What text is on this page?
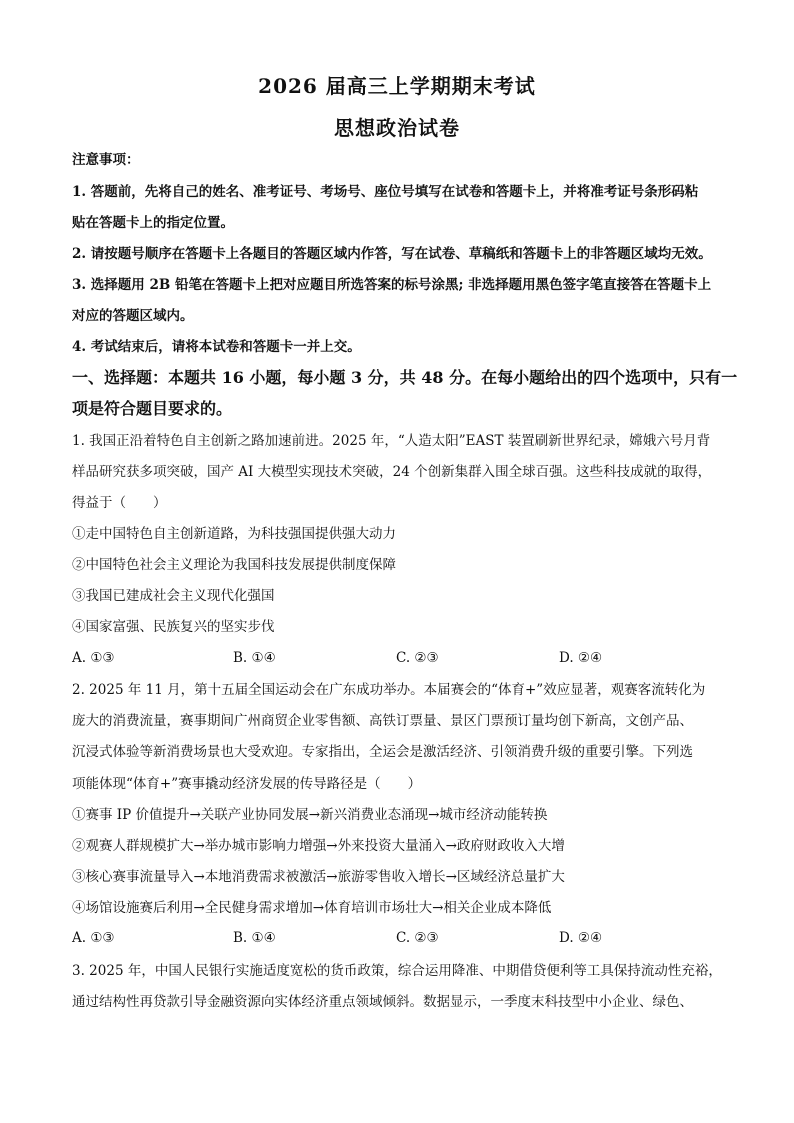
2026 届高三上学期期末考试
思想政治试卷
注意事项：
1. 答题前，先将自己的姓名、准考证号、考场号、座位号填写在试卷和答题卡上，并将准考证号条形码粘
贴在答题卡上的指定位置。
2. 请按题号顺序在答题卡上各题目的答题区域内作答，写在试卷、草稿纸和答题卡上的非答题区域均无效。
3. 选择题用 2B 铅笔在答题卡上把对应题目所选答案的标号涂黑; 非选择题用黑色签字笔直接答在答题卡上
对应的答题区域内。
4. 考试结束后，请将本试卷和答题卡一并上交。
一、选择题：本题共 16 小题，每小题 3 分，共 48 分。在每小题给出的四个选项中，只有一
项是符合题目要求的。
1. 我国正沿着特色自主创新之路加速前进。2025 年，“人造太阳”EAST 装置刷新世界纪录，嫦娥六号月背
样品研究获多项突破，国产 AI 大模型实现技术突破，24 个创新集群入围全球百强。这些科技成就的取得，
得益于（　　）
①走中国特色自主创新道路，为科技强国提供强大动力
②中国特色社会主义理论为我国科技发展提供制度保障
③我国已建成社会主义现代化强国
④国家富强、民族复兴的坚实步伐
A. ①③	B. ①④	C. ②③	D. ②④
2. 2025 年 11 月，第十五届全国运动会在广东成功举办。本届赛会的“体育+”效应显著，观赛客流转化为
庞大的消费流量，赛事期间广州商贸企业零售额、高铁订票量、景区门票预订量均创下新高，文创产品、
沉浸式体验等新消费场景也大受欢迎。专家指出，全运会是激活经济、引领消费升级的重要引擎。下列选
项能体现“体育+”赛事撬动经济发展的传导路径是（　　）
①赛事 IP 价值提升→关联产业协同发展→新兴消费业态涌现→城市经济动能转换
②观赛人群规模扩大→举办城市影响力增强→外来投资大量涌入→政府财政收入大增
③核心赛事流量导入→本地消费需求被激活→旅游零售收入增长→区域经济总量扩大
④场馆设施赛后利用→全民健身需求增加→体育培训市场壮大→相关企业成本降低
A. ①③	B. ①④	C. ②③	D. ②④
3. 2025 年，中国人民银行实施适度宽松的货币政策，综合运用降准、中期借贷便利等工具保持流动性充裕，
通过结构性再贷款引导金融资源向实体经济重点领域倾斜。数据显示，一季度末科技型中小企业、绿色、
